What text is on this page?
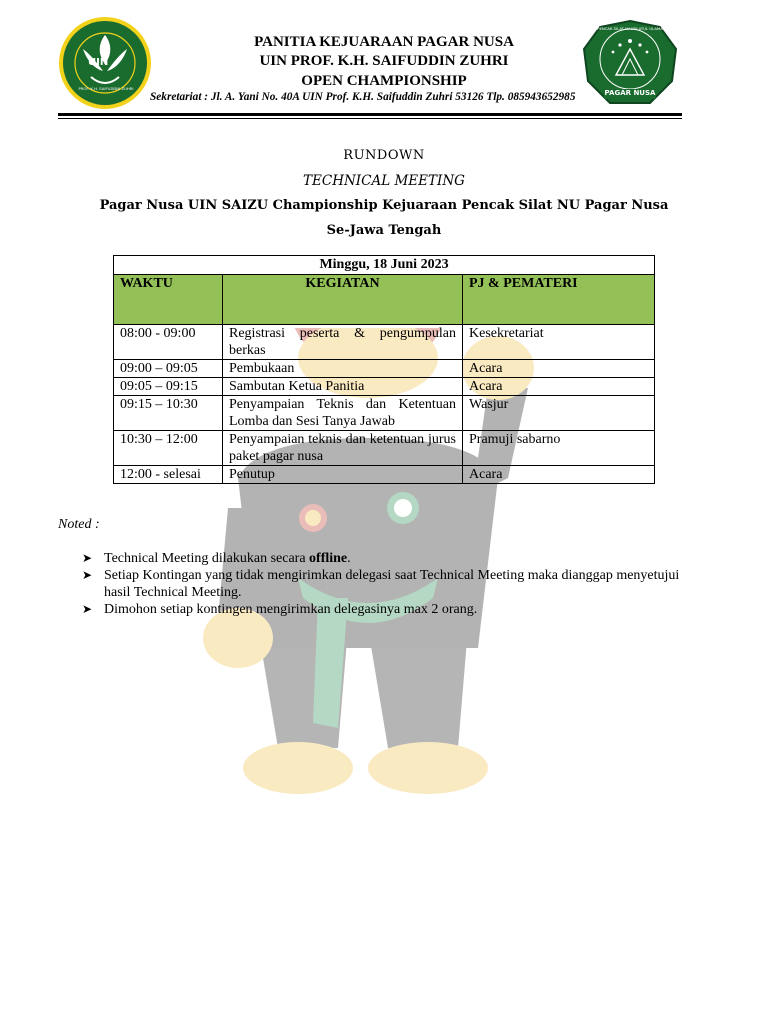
UIN
PROF. K.H. SAIFUDDIN ZUHRI
PENCAK SILAT NAHDLATUL ULAMA
PAGAR NUSA
PANITIA KEJUARAAN PAGAR NUSA
UIN PROF. K.H. SAIFUDDIN ZUHRI
OPEN CHAMPIONSHIP
Sekretariat : Jl. A. Yani No. 40A UIN Prof. K.H. Saifuddin Zuhri 53126 Tlp. 085943652985
RUNDOWN
TECHNICAL MEETING
Pagar Nusa UIN SAIZU Championship Kejuaraan Pencak Silat NU Pagar Nusa
Se-Jawa Tengah
Minggu, 18 Juni 2023		
WAKTU	KEGIATAN	PJ & PEMATERI
08:00 - 09:00	Registrasi peserta & pengumpulan berkas	Kesekretariat
09:00 – 09:05	Pembukaan	Acara
09:05 – 09:15	Sambutan Ketua Panitia	Acara
09:15 – 10:30	Penyampaian Teknis dan Ketentuan Lomba dan Sesi Tanya Jawab	Wasjur
10:30 – 12:00	Penyampaian teknis dan ketentuan jurus paket pagar nusa	Pramuji sabarno
12:00 - selesai	Penutup	Acara
Noted :
➤ Technical Meeting dilakukan secara offline.
➤ Setiap Kontingan yang tidak mengirimkan delegasi saat Technical Meeting maka dianggap menyetujui hasil Technical Meeting.
➤ Dimohon setiap kontingen mengirimkan delegasinya max 2 orang.
